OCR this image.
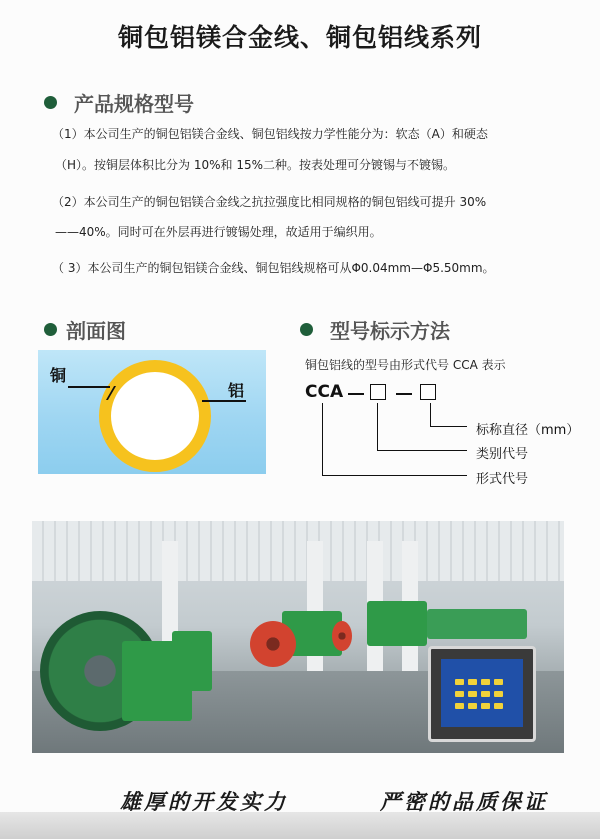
铜包铝镁合金线、铜包铝线系列
产品规格型号
（1）本公司生产的铜包铝镁合金线、铜包铝线按力学性能分为：软态（A）和硬态
（H）。按铜层体积比分为 10%和 15%二种。按表处理可分镀锡与不镀锡。
（2）本公司生产的铜包铝镁合金线之抗拉强度比相同规格的铜包铝线可提升 30%
——40%。同时可在外层再进行镀锡处理，故适用于编织用。
（ 3）本公司生产的铜包铝镁合金线、铜包铝线规格可从Φ0.04mm—Φ5.50mm。
剖面图
铜
铝
型号标示方法
铜包铝线的型号由形式代号 CCA 表示
CCA
标称直径（mm）
类别代号
形式代号
雄厚的开发实力	严密的品质保证
